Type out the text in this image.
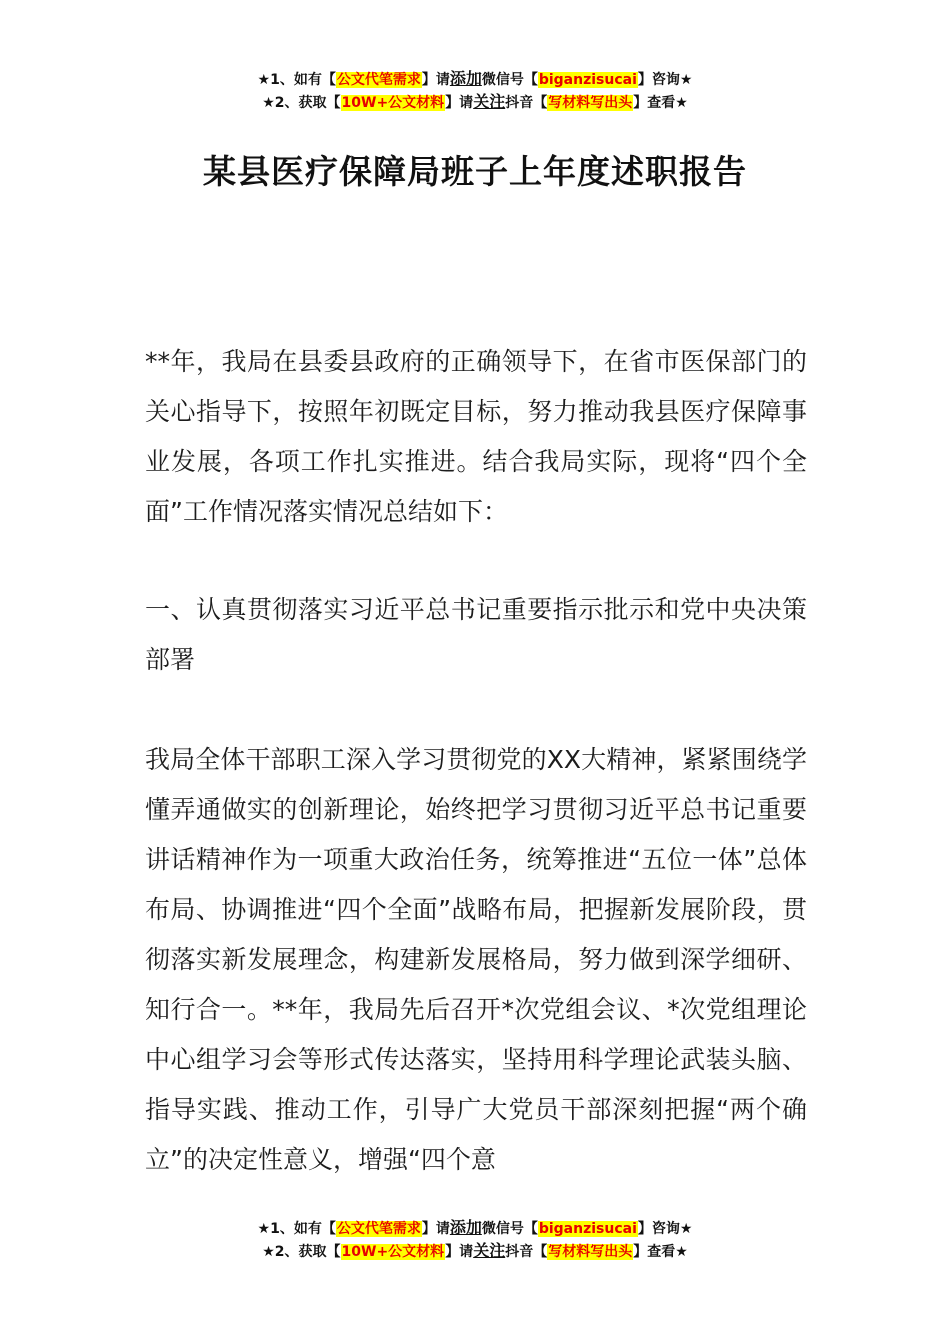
★1、如有【公文代笔需求】请添加微信号【biganzisucai】咨询★
★2、获取【10W+公文材料】请关注抖音【写材料写出头】查看★
某县医疗保障局班子上年度述职报告

**年，我局在县委县政府的正确领导下，在省市医保部门的关心指导下，按照年初既定目标，努力推动我县医疗保障事业发展，各项工作扎实推进。结合我局实际，现将“四个全面”工作情况落实情况总结如下：

一、认真贯彻落实习近平总书记重要指示批示和党中央决策部署

我局全体干部职工深入学习贯彻党的XX大精神，紧紧围绕学懂弄通做实的创新理论，始终把学习贯彻习近平总书记重要讲话精神作为一项重大政治任务，统筹推进“五位一体”总体布局、协调推进“四个全面”战略布局，把握新发展阶段，贯彻落实新发展理念，构建新发展格局，努力做到深学细研、知行合一。**年，我局先后召开*次党组会议、*次党组理论中心组学习会等形式传达落实，坚持用科学理论武装头脑、指导实践、推动工作，引导广大党员干部深刻把握“两个确立”的决定性意义，增强“四个意

★1、如有【公文代笔需求】请添加微信号【biganzisucai】咨询★
★2、获取【10W+公文材料】请关注抖音【写材料写出头】查看★
